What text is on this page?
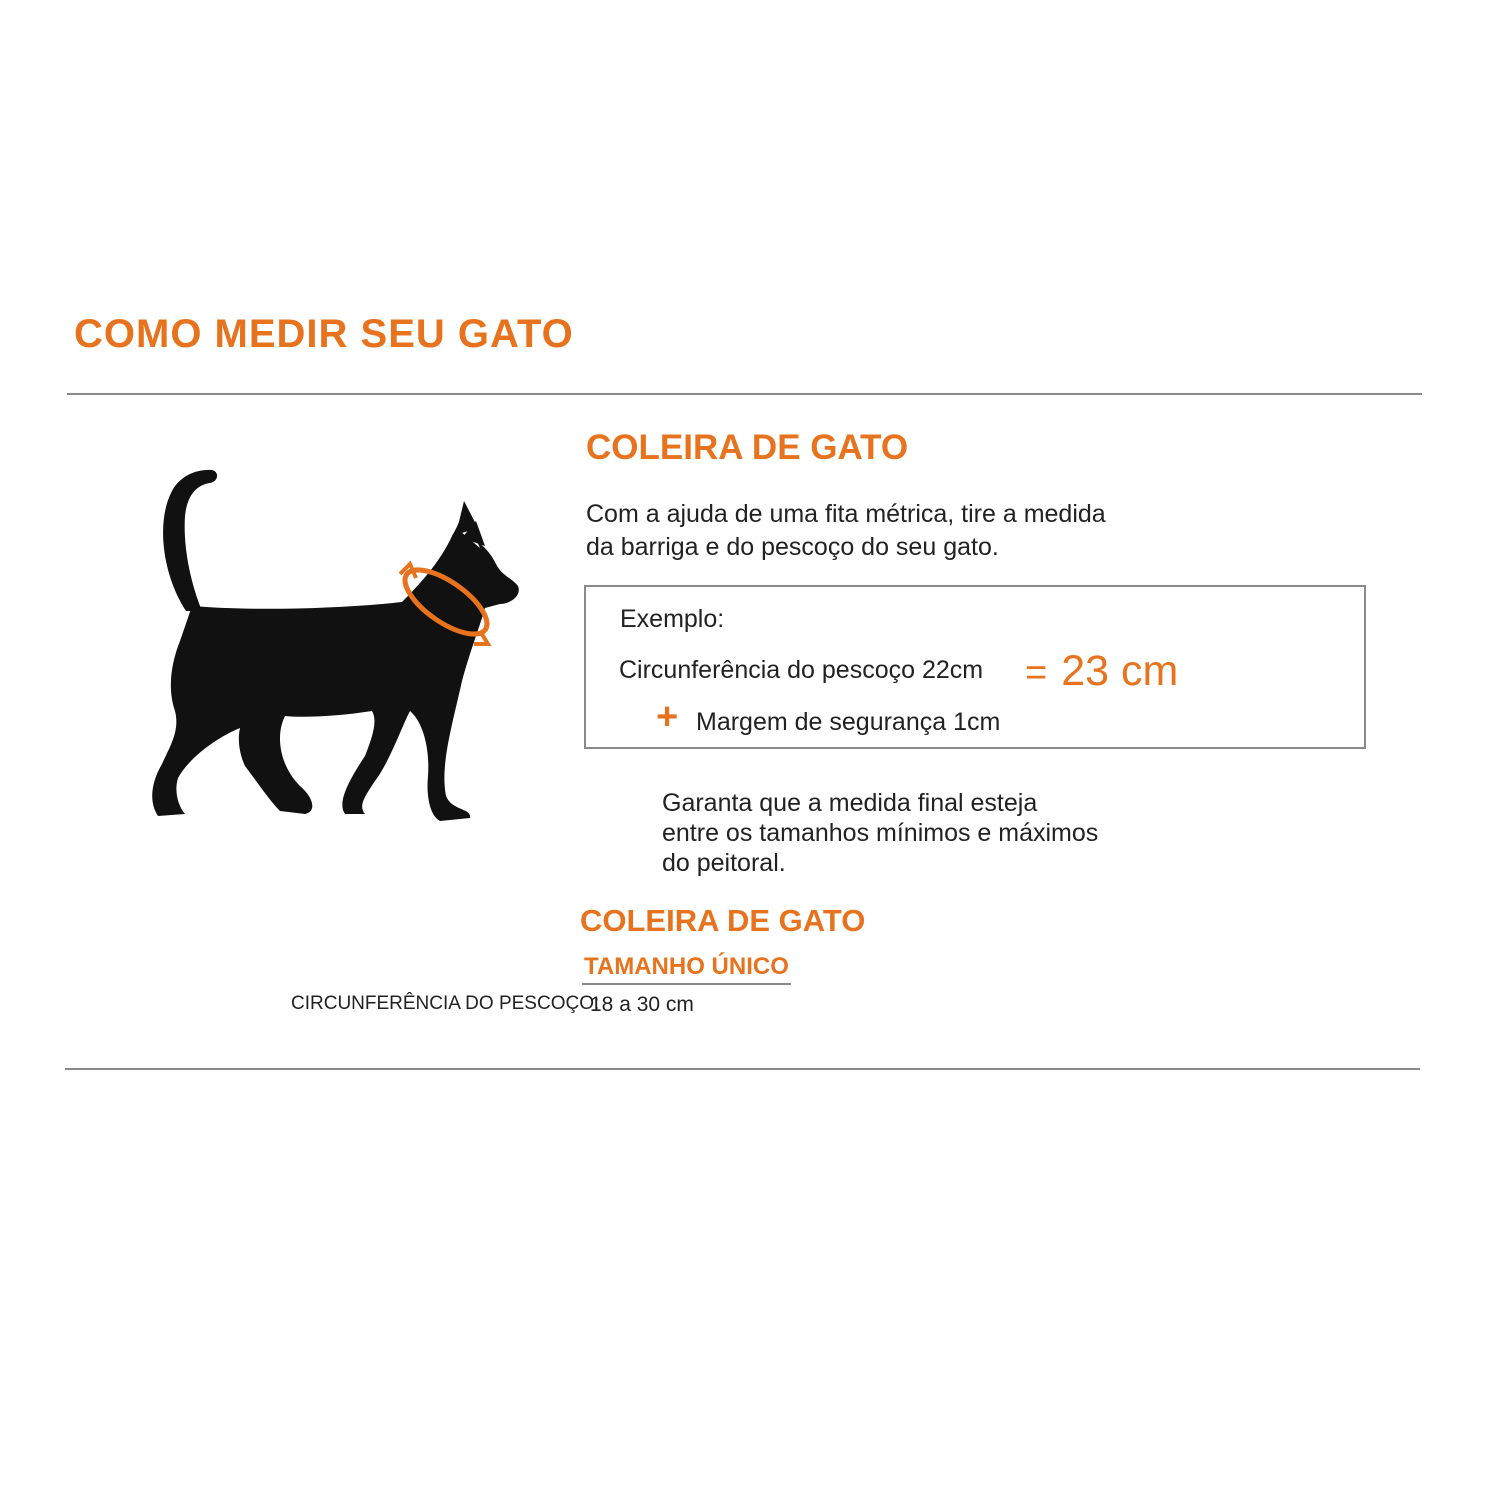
COMO MEDIR SEU GATO
COLEIRA DE GATO
Com a ajuda de uma fita métrica, tire a medida
da barriga e do pescoço do seu gato.
Exemplo:
Circunferência do pescoço 22cm = 23 cm
+ Margem de segurança 1cm
Garanta que a medida final esteja
entre os tamanhos mínimos e máximos
do peitoral.
COLEIRA DE GATO
TAMANHO ÚNICO
CIRCUNFERÊNCIA DO PESCOÇO:
18 a 30 cm
